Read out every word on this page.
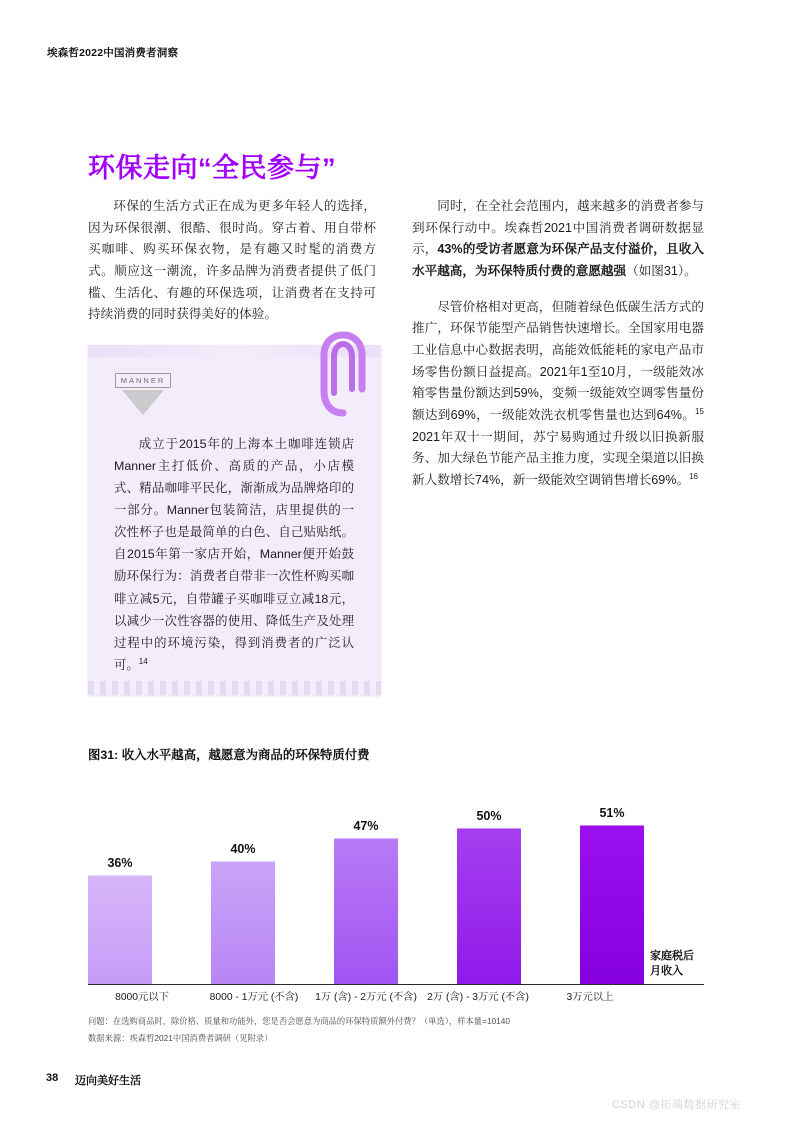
埃森哲2022中国消费者洞察
环保走向“全民参与”

环保的生活方式正在成为更多年轻人的选择，因为环保很潮、很酷、很时尚。穿古着、用自带杯买咖啡、购买环保衣物，是有趣又时髦的消费方式。顺应这一潮流，许多品牌为消费者提供了低门槛、生活化、有趣的环保选项，让消费者在支持可持续消费的同时获得美好的体验。

MANNER
成立于2015年的上海本土咖啡连锁店Manner主打低价、高质的产品，小店模式、精品咖啡平民化，渐渐成为品牌烙印的一部分。Manner包装简洁，店里提供的一次性杯子也是最简单的白色、自己贴贴纸。自2015年第一家店开始，Manner便开始鼓励环保行为：消费者自带非一次性杯购买咖啡立减5元，自带罐子买咖啡豆立减18元，以减少一次性容器的使用、降低生产及处理过程中的环境污染，得到消费者的广泛认可。$^{14}$

同时，在全社会范围内，越来越多的消费者参与到环保行动中。埃森哲2021中国消费者调研数据显示，43%的受访者愿意为环保产品支付溢价，且收入水平越高，为环保特质付费的意愿越强（如图31）。

尽管价格相对更高，但随着绿色低碳生活方式的推广，环保节能型产品销售快速增长。全国家用电器工业信息中心数据表明，高能效低能耗的家电产品市场零售份额日益提高。2021年1至10月，一级能效冰箱零售量份额达到59%，变频一级能效空调零售量份额达到69%，一级能效洗衣机零售量也达到64%。$^{15}$ 2021年双十一期间，苏宁易购通过升级以旧换新服务、加大绿色节能产品主推力度，实现全渠道以旧换新人数增长74%，新一级能效空调销售增长69%。$^{16}$

图31: 收入水平越高，越愿意为商品的环保特质付费
36%
40%
47%
50%	51%
家庭税后
月收入
8000元以下	8000 - 1万元 (不含)	1万 (含) - 2万元 (不含) 2万 (含) - 3万元 (不含)	3万元以上
问题：在选购商品时，除价格、质量和功能外，您是否会愿意为商品的环保特质额外付费？（单选），样本量=10140
数据来源：埃森哲2021中国消费者调研（见附录）
38 迈向美好生活
CSDN @拓端数据研究室
